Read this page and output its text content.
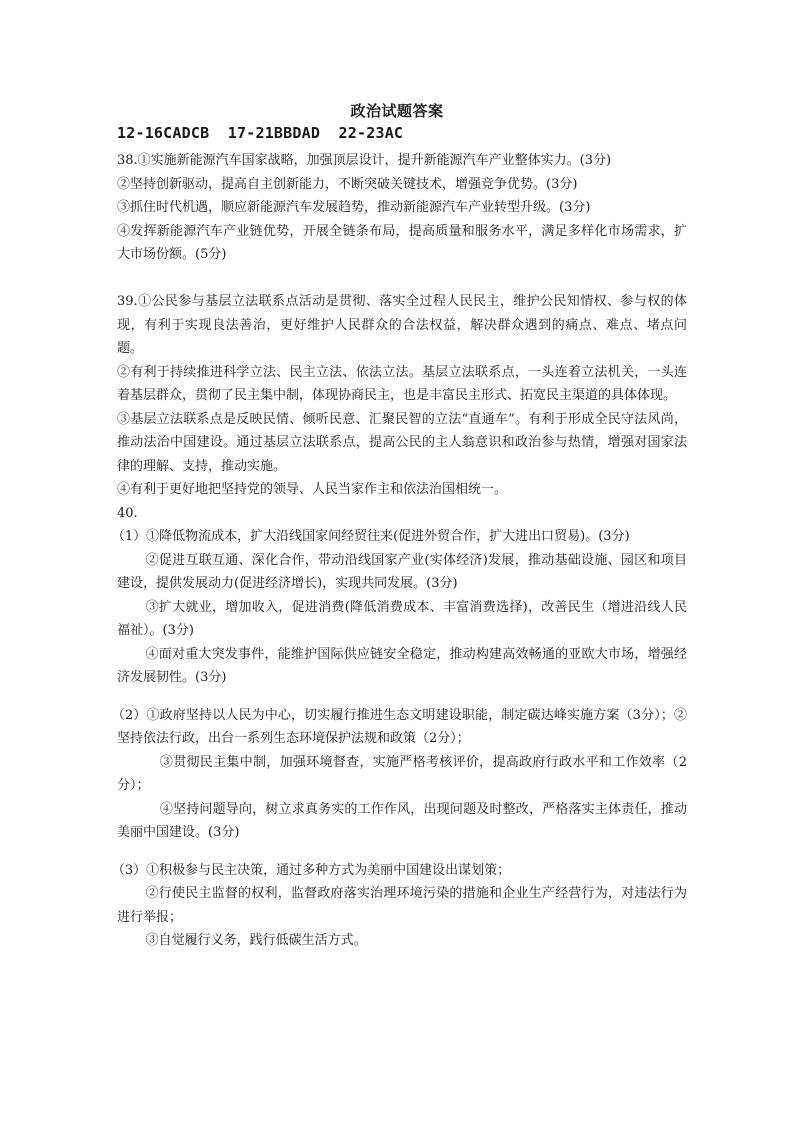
政治试题答案
12-16CADCB  17-21BBDAD  22-23AC

38.①实施新能源汽车国家战略，加强顶层设计，提升新能源汽车产业整体实力。(3分)

②坚持创新驱动，提高自主创新能力，不断突破关键技术，增强竞争优势。(3分)

③抓住时代机遇，顺应新能源汽车发展趋势，推动新能源汽车产业转型升级。(3分)

④发挥新能源汽车产业链优势，开展全链条布局，提高质量和服务水平，满足多样化市场需求，扩大市场份额。(5分)

39.①公民参与基层立法联系点活动是贯彻、落实全过程人民民主，维护公民知情权、参与权的体现，有利于实现良法善治，更好维护人民群众的合法权益，解决群众遇到的痛点、难点、堵点问题。

②有利于持续推进科学立法、民主立法、依法立法。基层立法联系点，一头连着立法机关，一头连着基层群众，贯彻了民主集中制，体现协商民主，也是丰富民主形式、拓宽民主渠道的具体体现。

③基层立法联系点是反映民情、倾听民意、汇聚民智的立法“直通车”。有利于形成全民守法风尚，推动法治中国建设。通过基层立法联系点，提高公民的主人翁意识和政治参与热情，增强对国家法律的理解、支持，推动实施。

④有利于更好地把坚持党的领导、人民当家作主和依法治国相统一。

40.

（1）①降低物流成本，扩大沿线国家间经贸往来(促进外贸合作，扩大进出口贸易)。(3分)

②促进互联互通、深化合作，带动沿线国家产业(实体经济)发展，推动基础设施、园区和项目建设，提供发展动力(促进经济增长)，实现共同发展。(3分)

③扩大就业，增加收入，促进消费(降低消费成本、丰富消费选择)，改善民生（增进沿线人民福祉）。(3分)

④面对重大突发事件，能维护国际供应链安全稳定，推动构建高效畅通的亚欧大市场，增强经济发展韧性。(3分)

（2）①政府坚持以人民为中心，切实履行推进生态文明建设职能，制定碳达峰实施方案（3分）；②坚持依法行政，出台一系列生态环境保护法规和政策（2分）；

③贯彻民主集中制，加强环境督查，实施严格考核评价，提高政府行政水平和工作效率（2分）；

④坚持问题导向，树立求真务实的工作作风，出现问题及时整改，严格落实主体责任，推动美丽中国建设。(3分)

（3）①积极参与民主决策，通过多种方式为美丽中国建设出谋划策；

②行使民主监督的权利，监督政府落实治理环境污染的措施和企业生产经营行为，对违法行为进行举报；

③自觉履行义务，践行低碳生活方式。
